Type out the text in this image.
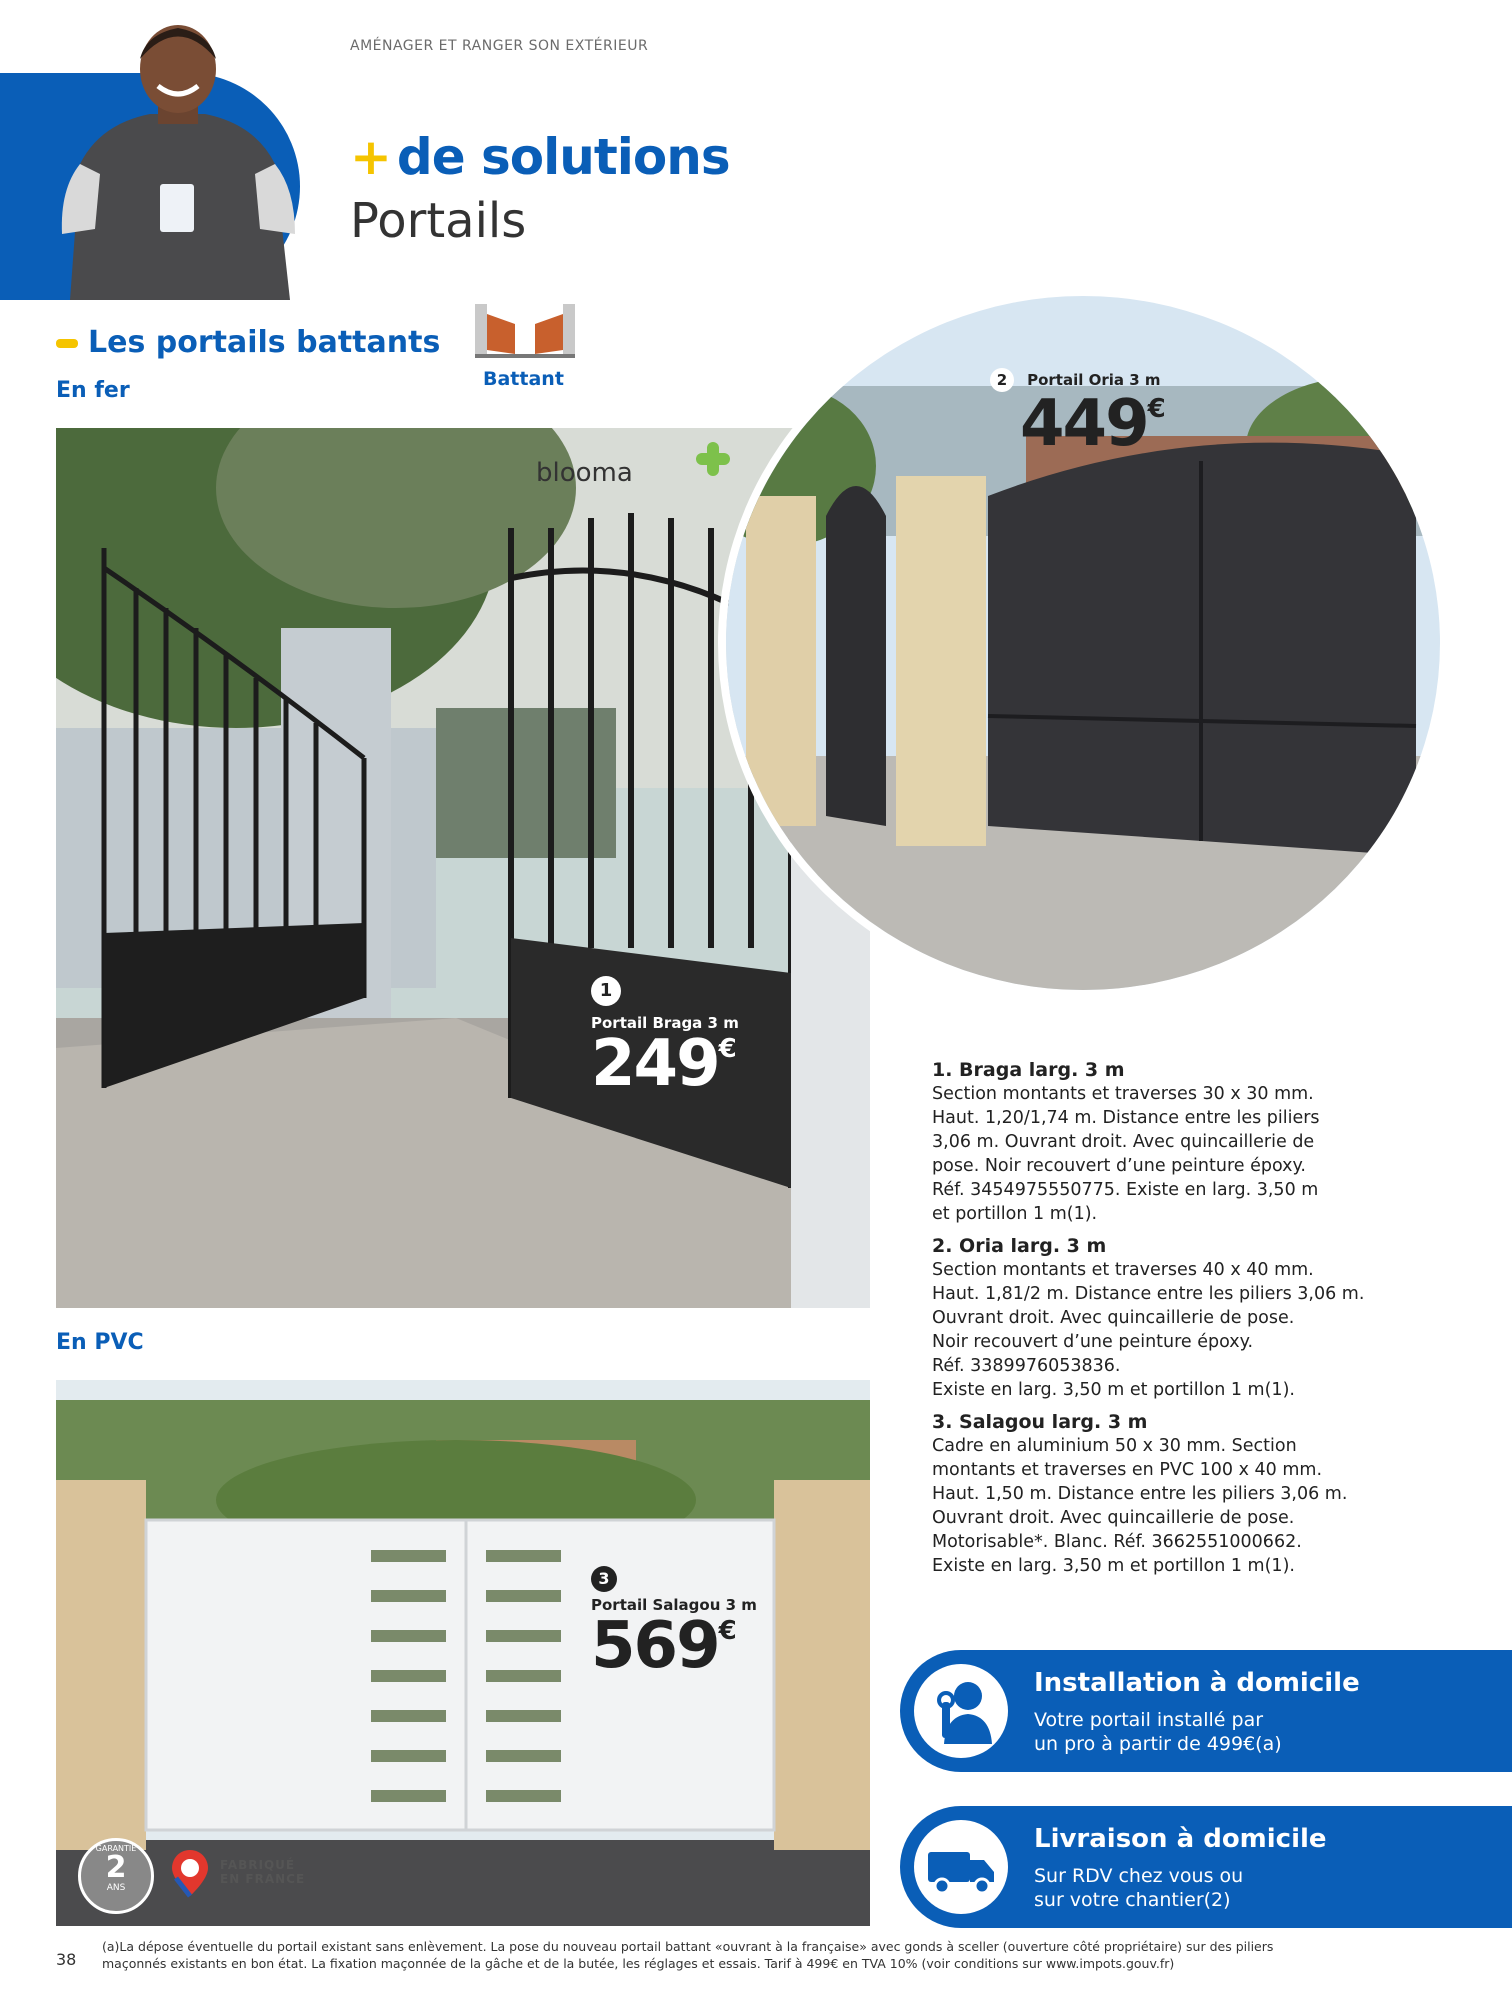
AMÉNAGER ET RANGER SON EXTÉRIEUR
+ de solutions
Portails
Les portails battants
En fer	Battant
blooma
1
Portail Braga 3 m
249€
2 Portail Oria 3 m
449€
1. Braga larg. 3 m
Section montants et traverses 30 x 30 mm.
Haut. 1,20/1,74 m. Distance entre les piliers
3,06 m. Ouvrant droit. Avec quincaillerie de
pose. Noir recouvert d’une peinture époxy.
Réf. 3454975550775. Existe en larg. 3,50 m
et portillon 1 m(1).
2. Oria larg. 3 m
Section montants et traverses 40 x 40 mm.
Haut. 1,81/2 m. Distance entre les piliers 3,06 m.
Ouvrant droit. Avec quincaillerie de pose.
Noir recouvert d’une peinture époxy.
Réf. 3389976053836.
Existe en larg. 3,50 m et portillon 1 m(1).
3. Salagou larg. 3 m
Cadre en aluminium 50 x 30 mm. Section
montants et traverses en PVC 100 x 40 mm.
Haut. 1,50 m. Distance entre les piliers 3,06 m.
Ouvrant droit. Avec quincaillerie de pose.
Motorisable*. Blanc. Réf. 3662551000662.
Existe en larg. 3,50 m et portillon 1 m(1).
En PVC
3
Portail Salagou 3 m
569€
GARANTIE
2
ANS
FABRIQUÉ
EN FRANCE
Installation à domicile
Votre portail installé par
un pro à partir de 499€(a)
Livraison à domicile
Sur RDV chez vous ou
sur votre chantier(2)
38
(a)La dépose éventuelle du portail existant sans enlèvement. La pose du nouveau portail battant «ouvrant à la française» avec gonds à sceller (ouverture côté propriétaire) sur des piliers
maçonnés existants en bon état. La fixation maçonnée de la gâche et de la butée, les réglages et essais. Tarif à 499€ en TVA 10% (voir conditions sur www.impots.gouv.fr)
